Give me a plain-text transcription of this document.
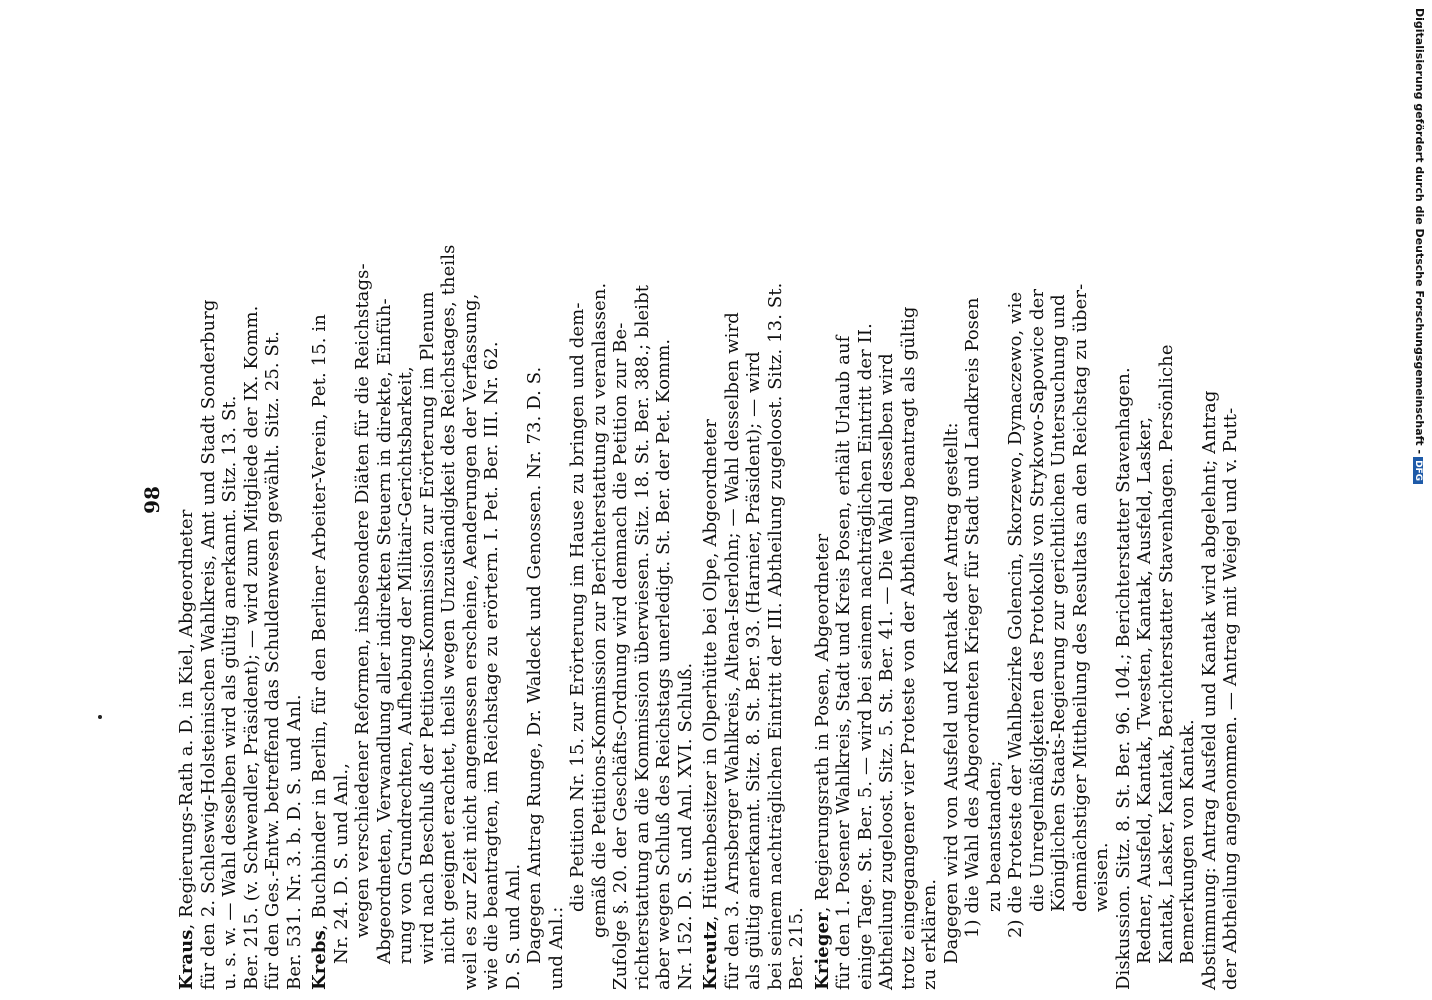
Digitalisierung gefördert durch die Deutsche Forschungsgemeinschaft -DFG
98
Kraus, Regierungs-Rath a. D. in Kiel, Abgeordneter für den 2. Schleswig-Holsteinischen Wahlkreis, Amt und Stadt Sonderburg u. s. w. — Wahl desselben wird als gültig anerkannt. Sitz. 13. St. Ber. 215. (v. Schwendler, Präsident); — wird zum Mitgliede der IX. Komm. für den Ges.-Entw. betreffend das Schuldenwesen gewählt. Sitz. 25. St. Ber. 531. Nr. 3. b. D. S. und Anl. Krebs, Buchbinder in Berlin, für den Berliner Arbeiter-Verein, Pet. 15. in Nr. 24. D. S. und Anl., wegen verschiedener Reformen, insbesondere Diäten für die Reichstags- Abgeordneten, Verwandlung aller indirekten Steuern in direkte, Einfüh- rung von Grundrechten, Aufhebung der Militair-Gerichtsbarkeit, wird nach Beschluß der Petitions-Kommission zur Erörterung im Plenum nicht geeignet erachtet, theils wegen Unzuständigkeit des Reichstages, theils weil es zur Zeit nicht angemessen erscheine, Aenderungen der Verfassung, wie die beantragten, im Reichstage zu erörtern. I. Pet. Ber. III. Nr. 62. D. S. und Anl. Dagegen Antrag Runge, Dr. Waldeck und Genossen. Nr. 73. D. S. und Anl.:
die Petition Nr. 15. zur Erörterung im Hause zu bringen und dem- gemäß die Petitions-Kommission zur Berichterstattung zu veranlassen. Zufolge §. 20. der Geschäfts-Ordnung wird demnach die Petition zur Be- richterstattung an die Kommission überwiesen. Sitz. 18. St. Ber. 388.; bleibt aber wegen Schluß des Reichstags unerledigt. St. Ber. der Pet. Komm. Nr. 152. D. S. und Anl. XVI. Schluß. Kreutz, Hüttenbesitzer in Olperhütte bei Olpe, Abgeordneter für den 3. Arnsberger Wahlkreis, Altena-Iserlohn; — Wahl desselben wird als gültig anerkannt. Sitz. 8. St. Ber. 93. (Harnier, Präsident); — wird bei seinem nachträglichen Eintritt der III. Abtheilung zugeloost. Sitz. 13. St. Ber. 215. Krieger, Regierungsrath in Posen, Abgeordneter für den 1. Posener Wahlkreis, Stadt und Kreis Posen, erhält Urlaub auf einige Tage. St. Ber. 5. — wird bei seinem nachträglichen Eintritt der II. Abtheilung zugeloost. Sitz. 5. St. Ber. 41. — Die Wahl desselben wird trotz eingegangener vier Proteste von der Abtheilung beantragt als gültig zu erklären. Dagegen wird von Ausfeld und Kantak der Antrag gestellt: 1) die Wahl des Abgeordneten Krieger für Stadt und Landkreis Posen zu beanstanden; 2) die Proteste der Wahlbezirke Golencin, Skorzewo, Dymaczewo, wie die Unregelmäßigkeiten des Protokolls von Strykowo-Sapowice der Königlichen Staats-Regierung zur gerichtlichen Untersuchung und demnächstiger Mittheilung des Resultats an den Reichstag zu über- weisen. Diskussion. Sitz. 8. St. Ber. 96. 104.; Berichterstatter Stavenhagen. Redner, Ausfeld, Kantak, Twesten, Kantak, Ausfeld, Lasker, Kantak, Lasker, Kantak, Berichterstatter Stavenhagen. Persönliche Bemerkungen von Kantak. Abstimmung: Antrag Ausfeld und Kantak wird abgelehnt; Antrag der Abtheilung angenommen. — Antrag mit Weigel und v. Putt-
